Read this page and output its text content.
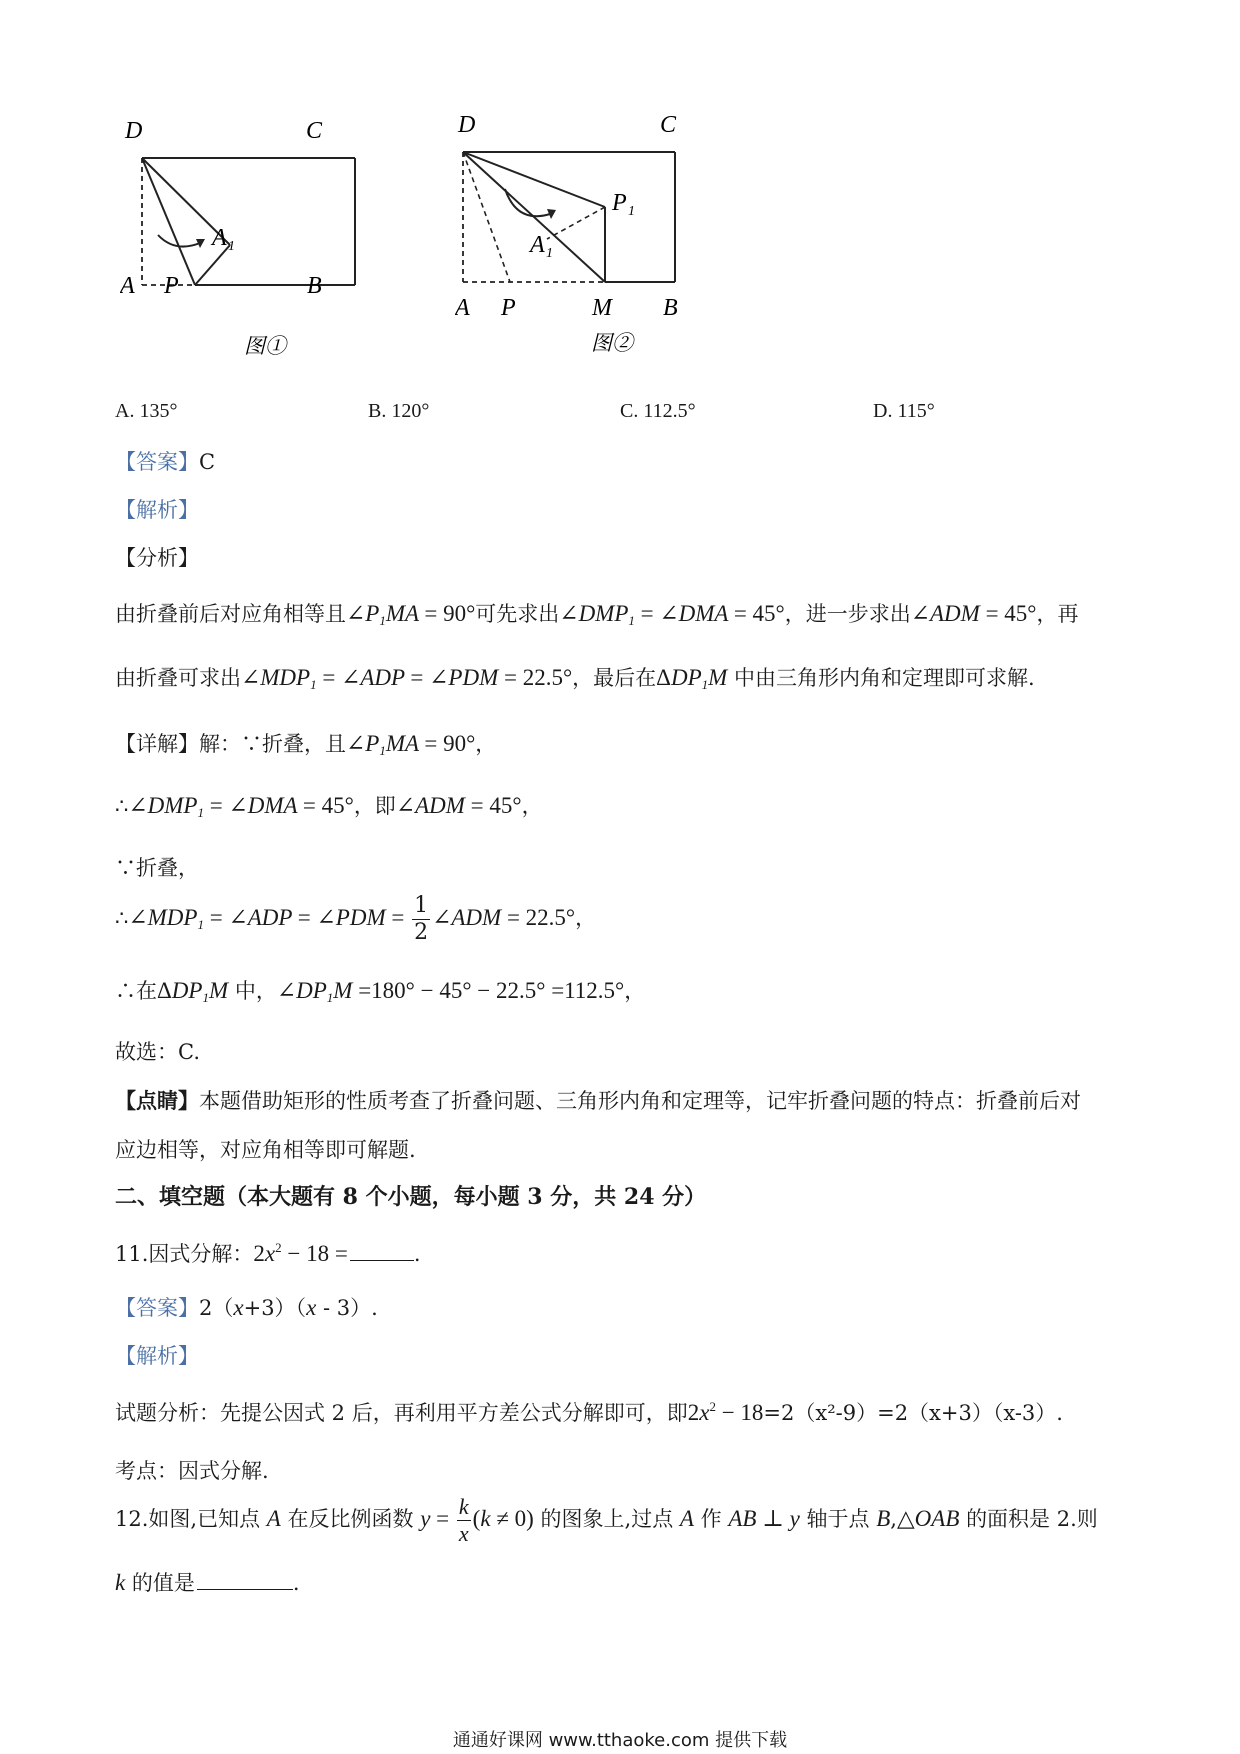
D	C
A 1
A P	B
图①
D	C
P 1
A 1
A P	M B
图②
A. 135°	B. 120°	C. 112.5°	D. 115°
【答案】C
【解析】
【分析】
由折叠前后对应角相等且$\angle P_1MA = 90^\circ$可先求出$\angle DMP_1$ = ∠DMA = 45°，进一步求出∠ADM = 45°，再
由折叠可求出$\angle MDP_1$ = ∠ADP = ∠PDM = 22.5°，最后在$\Delta DP_1M$ 中由三角形内角和定理即可求解.
【详解】解：∵折叠，且$\angle P_1MA = 90^\circ$，
$\therefore\angle DMP_1$ = ∠DMA = 45°，即∠ADM = 45°，
∵折叠，
$\therefore\angle MDP_1$ = ∠ADP = ∠PDM = $\frac{1}{2}$ ∠ADM = 22.5°，
∴在$\Delta DP_1M$ 中，$\angle DP_1M =180^\circ - 45^\circ - 22.5^\circ =112.5^\circ$，
故选：C.
【点睛】本题借助矩形的性质考查了折叠问题、三角形内角和定理等，记牢折叠问题的特点：折叠前后对
应边相等，对应角相等即可解题.
二、填空题（本大题有 8 个小题，每小题 3 分，共 24 分）
11.因式分解：$2x^2 - 18$ =	.
【答案】2（x+3）（x - 3）.
【解析】
试题分析：先提公因式 2 后，再利用平方差公式分解即可，即$2x^2 - 18=2(x^2-9)=2(x+3)(x-3)$.
考点：因式分解.
12.如图,已知点 A 在反比例函数 $y = \frac{k}{x} (k \ne 0)$ 的图象上,过点 A 作 AB ⊥ y 轴于点 B,△OAB 的面积是 2.则
k 的值是	.
通通好课网 www.tthaoke.com 提供下载
